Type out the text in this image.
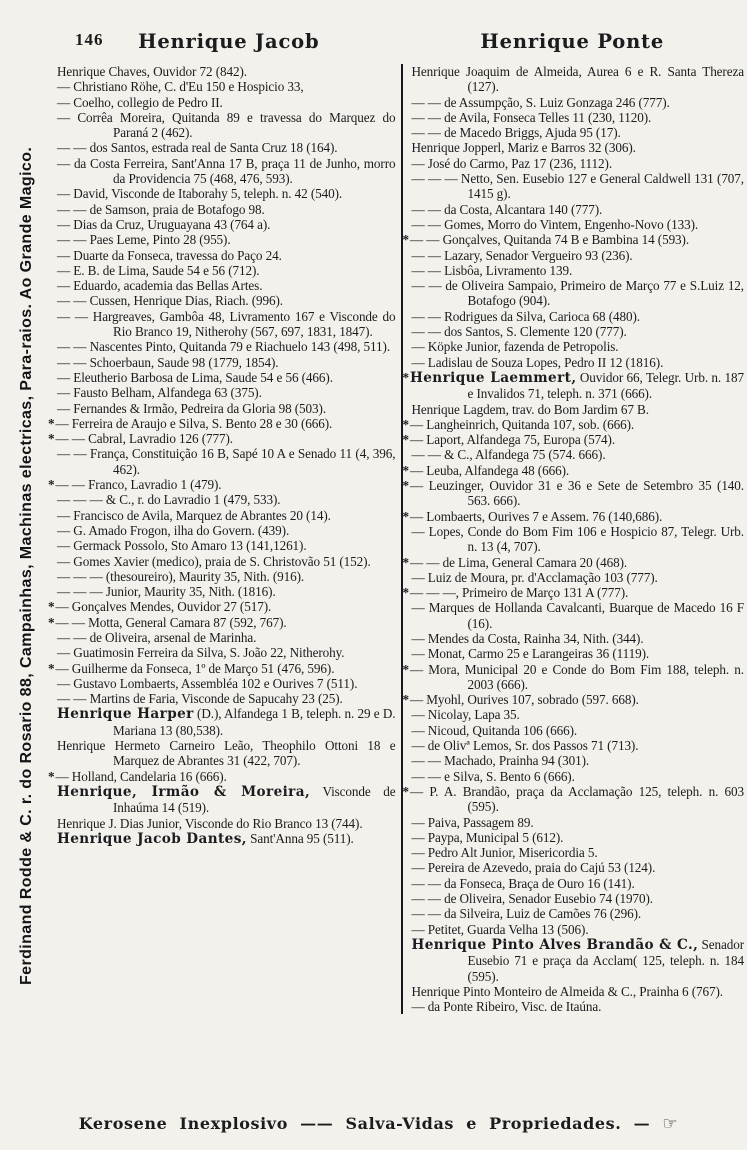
Ferdinand Rodde & C. r. do Rosario 88, Campainhas, Machinas electricas, Para-raios. Ao Grande Magico.
146 Henrique Jacob	Henrique Ponte

Henrique Chaves, Ouvidor 72 (842).

— Christiano Röhe, C. d'Eu 150 e Hospicio 33,

— Coelho, collegio de Pedro II.

— Corrêa Moreira, Quitanda 89 e travessa do Marquez do Paraná 2 (462).

— — dos Santos, estrada real de Santa Cruz 18 (164).

— da Costa Ferreira, Sant'Anna 17 B, praça 11 de Junho, morro da Providencia 75 (468, 476, 593).

— David, Visconde de Itaborahy 5, teleph. n. 42 (540).

— — de Samson, praia de Botafogo 98.

— Dias da Cruz, Uruguayana 43 (764 a).

— — Paes Leme, Pinto 28 (955).

— Duarte da Fonseca, travessa do Paço 24.

— E. B. de Lima, Saude 54 e 56 (712).

— Eduardo, academia das Bellas Artes.

— — Cussen, Henrique Dias, Riach. (996).

— — Hargreaves, Gambôa 48, Livramento 167 e Visconde do Rio Branco 19, Nitherohy (567, 697, 1831, 1847).

— — Nascentes Pinto, Quitanda 79 e Riachuelo 143 (498, 511).

— — Schoerbaun, Saude 98 (1779, 1854).

— Eleutherio Barbosa de Lima, Saude 54 e 56 (466).

— Fausto Belham, Alfandega 63 (375).

— Fernandes & Irmão, Pedreira da Gloria 98 (503).

*— Ferreira de Araujo e Silva, S. Bento 28 e 30 (666).

*— — Cabral, Lavradio 126 (777).

— — França, Constituição 16 B, Sapé 10 A e Senado 11 (4, 396, 462).

*— — Franco, Lavradio 1 (479).

— — — & C., r. do Lavradio 1 (479, 533).

— Francisco de Avila, Marquez de Abrantes 20 (14).

— G. Amado Frogon, ilha do Govern. (439).

— Germack Possolo, Sto Amaro 13 (141,1261).

— Gomes Xavier (medico), praia de S. Christovão 51 (152).

— — — (thesoureiro), Maurity 35, Nith. (916).

— — — Junior, Maurity 35, Nith. (1816).

*— Gonçalves Mendes, Ouvidor 27 (517).

*— — Motta, General Camara 87 (592, 767).

— — de Oliveira, arsenal de Marinha.

— Guatimosin Ferreira da Silva, S. João 22, Nitherohy.

*— Guilherme da Fonseca, 1º de Março 51 (476, 596).

— Gustavo Lombaerts, Assembléa 102 e Ourives 7 (511).

— — Martins de Faria, Visconde de Sapucahy 23 (25).

Henrique Harper (D.), Alfandega 1 B, teleph. n. 29 e D. Mariana 13 (80,538).

Henrique Hermeto Carneiro Leão, Theophilo Ottoni 18 e Marquez de Abrantes 31 (422, 707).

*— Holland, Candelaria 16 (666).

Henrique, Irmão & Moreira, Visconde de Inhaúma 14 (519).

Henrique J. Dias Junior, Visconde do Rio Branco 13 (744).

Henrique Jacob Dantes, Sant'Anna 95 (511).

Henrique Joaquim de Almeida, Aurea 6 e R. Santa Thereza (127).

— — de Assumpção, S. Luiz Gonzaga 246 (777).

— — de Avila, Fonseca Telles 11 (230, 1120).

— — de Macedo Briggs, Ajuda 95 (17).

Henrique Jopperl, Mariz e Barros 32 (306).

— José do Carmo, Paz 17 (236, 1112).

— — — Netto, Sen. Eusebio 127 e General Caldwell 131 (707, 1415 g).

— — da Costa, Alcantara 140 (777).

— — Gomes, Morro do Vintem, Engenho-Novo (133).

*— — Gonçalves, Quitanda 74 B e Bambina 14 (593).

— — Lazary, Senador Vergueiro 93 (236).

— — Lisbôa, Livramento 139.

— — de Oliveira Sampaio, Primeiro de Março 77 e S.Luiz 12, Botafogo (904).

— — Rodrigues da Silva, Carioca 68 (480).

— — dos Santos, S. Clemente 120 (777).

— Köpke Junior, fazenda de Petropolis.

— Ladislau de Souza Lopes, Pedro II 12 (1816).

*Henrique Laemmert, Ouvidor 66, Telegr. Urb. n. 187 e Invalidos 71, teleph. n. 371 (666).

Henrique Lagdem, trav. do Bom Jardim 67 B.

*— Langheinrich, Quitanda 107, sob. (666).

*— Laport, Alfandega 75, Europa (574).

— — & C., Alfandega 75 (574. 666).

*— Leuba, Alfandega 48 (666).

*— Leuzinger, Ouvidor 31 e 36 e Sete de Setembro 35 (140. 563. 666).

*— Lombaerts, Ourives 7 e Assem. 76 (140,686).

— Lopes, Conde do Bom Fim 106 e Hospicio 87, Telegr. Urb. n. 13 (4, 707).

*— — de Lima, General Camara 20 (468).

— Luiz de Moura, pr. d'Acclamação 103 (777).

*— — —, Primeiro de Março 131 A (777).

— Marques de Hollanda Cavalcanti, Buarque de Macedo 16 F (16).

— Mendes da Costa, Rainha 34, Nith. (344).

— Monat, Carmo 25 e Larangeiras 36 (1119).

*— Mora, Municipal 20 e Conde do Bom Fim 188, teleph. n. 2003 (666).

*— Myohl, Ourives 107, sobrado (597. 668).

— Nicolay, Lapa 35.

— Nicoud, Quitanda 106 (666).

— de Olivª Lemos, Sr. dos Passos 71 (713).

— — Machado, Prainha 94 (301).

— — e Silva, S. Bento 6 (666).

*— P. A. Brandão, praça da Acclamação 125, teleph. n. 603 (595).

— Paiva, Passagem 89.

— Paypa, Municipal 5 (612).

— Pedro Alt Junior, Misericordia 5.

— Pereira de Azevedo, praia do Cajú 53 (124).

— — da Fonseca, Braça de Ouro 16 (141).

— — de Oliveira, Senador Eusebio 74 (1970).

— — da Silveira, Luiz de Camões 76 (296).

— Petitet, Guarda Velha 13 (506).

Henrique Pinto Alves Brandão & C., Senador Eusebio 71 e praça da Acclam( 125, teleph. n. 184 (595).

Henrique Pinto Monteiro de Almeida & C., Prainha 6 (767).

— da Ponte Ribeiro, Visc. de Itaúna.

Kerosene Inexplosivo —— Salva-Vidas e Propriedades. — ☞
